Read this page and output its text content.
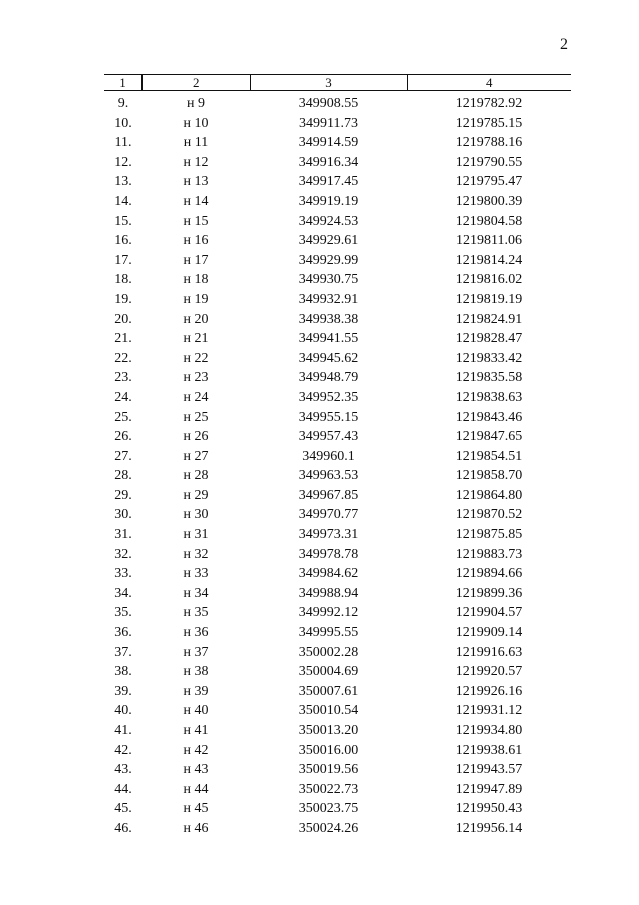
2
1	2	3	4
9.	н 9	349908.55	1219782.92
10.	н 10	349911.73	1219785.15
11.	н 11	349914.59	1219788.16
12.	н 12	349916.34	1219790.55
13.	н 13	349917.45	1219795.47
14.	н 14	349919.19	1219800.39
15.	н 15	349924.53	1219804.58
16.	н 16	349929.61	1219811.06
17.	н 17	349929.99	1219814.24
18.	н 18	349930.75	1219816.02
19.	н 19	349932.91	1219819.19
20.	н 20	349938.38	1219824.91
21.	н 21	349941.55	1219828.47
22.	н 22	349945.62	1219833.42
23.	н 23	349948.79	1219835.58
24.	н 24	349952.35	1219838.63
25.	н 25	349955.15	1219843.46
26.	н 26	349957.43	1219847.65
27.	н 27	349960.1	1219854.51
28.	н 28	349963.53	1219858.70
29.	н 29	349967.85	1219864.80
30.	н 30	349970.77	1219870.52
31.	н 31	349973.31	1219875.85
32.	н 32	349978.78	1219883.73
33.	н 33	349984.62	1219894.66
34.	н 34	349988.94	1219899.36
35.	н 35	349992.12	1219904.57
36.	н 36	349995.55	1219909.14
37.	н 37	350002.28	1219916.63
38.	н 38	350004.69	1219920.57
39.	н 39	350007.61	1219926.16
40.	н 40	350010.54	1219931.12
41.	н 41	350013.20	1219934.80
42.	н 42	350016.00	1219938.61
43.	н 43	350019.56	1219943.57
44.	н 44	350022.73	1219947.89
45.	н 45	350023.75	1219950.43
46.	н 46	350024.26	1219956.14
